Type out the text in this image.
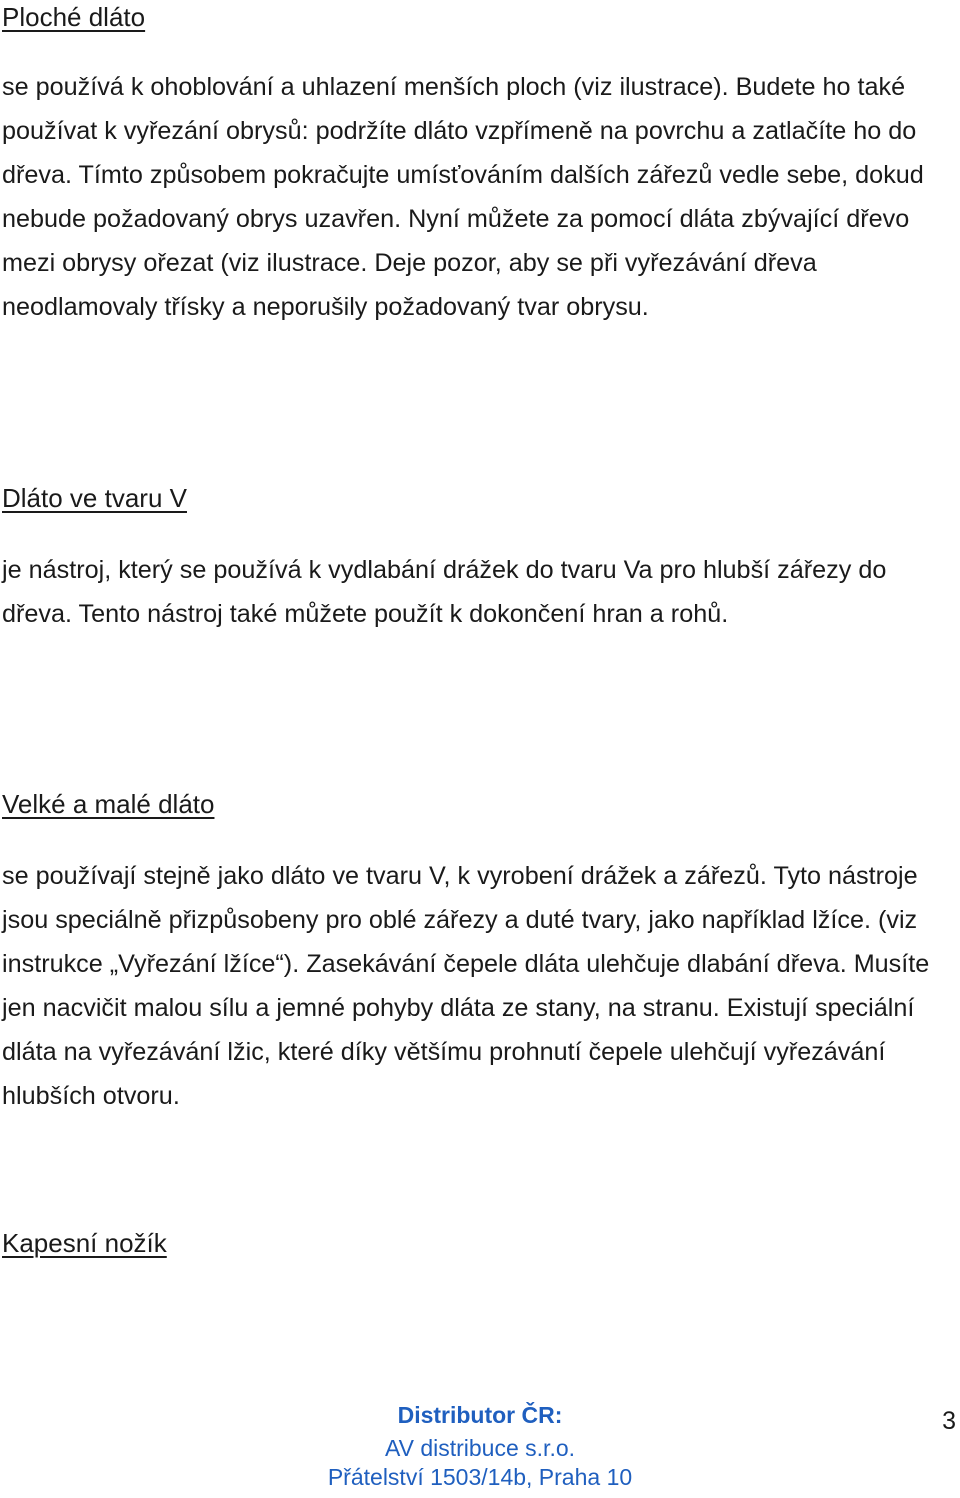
Ploché dláto

se používá k ohoblování a uhlazení menších ploch (viz ilustrace). Budete ho také používat k vyřezání obrysů: podržíte dláto vzpřímeně na povrchu a zatlačíte ho do dřeva. Tímto způsobem pokračujte umísťováním dalších zářezů vedle sebe, dokud nebude požadovaný obrys uzavřen. Nyní můžete za pomocí dláta zbývající dřevo mezi obrysy ořezat (viz ilustrace. Deje pozor, aby se při vyřezávání dřeva neodlamovaly třísky a neporušily požadovaný tvar obrysu.

Dláto ve tvaru V

je nástroj, který se používá k vydlabání drážek do tvaru Va pro hlubší zářezy do dřeva. Tento nástroj také můžete použít k dokončení hran a rohů.

Velké a malé dláto

se používají stejně jako dláto ve tvaru V, k vyrobení drážek a zářezů. Tyto nástroje jsou speciálně přizpůsobeny pro oblé zářezy a duté tvary, jako například lžíce. (viz instrukce „Vyřezání lžíce“). Zasekávání čepele dláta ulehčuje dlabání dřeva. Musíte jen nacvičit malou sílu a jemné pohyby dláta ze stany, na stranu. Existují speciální dláta na vyřezávání lžic, které díky většímu prohnutí čepele ulehčují vyřezávání hlubších otvoru.

Kapesní nožík
Distributor ČR:
AV distribuce s.r.o.
Přátelství 1503/14b, Praha 10
3
